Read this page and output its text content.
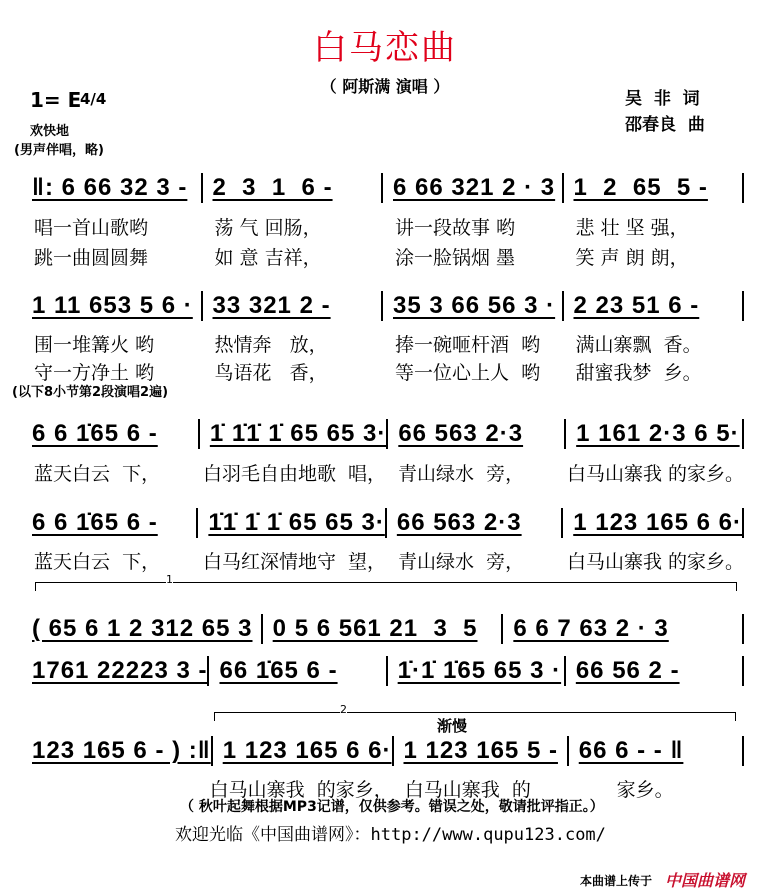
白马恋曲
（ 阿斯满 演唱 ）
1= E
4/4
欢快地
(男声伴唱，略)
吴  非  词
邵春良  曲
‖: 6 66 32 3 -	2  3  1  6 -	6 66 321 2 · 3 1  2  65  5 -
唱一首山歌哟	荡 气 回肠，	讲一段故事 哟	悲 壮 坚 强，
跳一曲圆圆舞	如 意 吉祥，	涂一脸锅烟 墨	笑 声 朗 朗，
1 11 653 5 6 · 33 321 2 -	35 3 66 56 3 · 2 23 51 6 -
围一堆篝火 哟	热情奔   放，	捧一碗咂杆酒  哟	满山寨飘  香。
守一方净土 哟	鸟语花   香，	等一位心上人  哟	甜蜜我梦  乡。
6 6 1̇65 6 -	1̇ 1̇1̇ 1̇ 65 65 3· 66 563 2·3	1 161 2·3 6 5·
蓝天白云  下，	白羽毛自由地歌  唱， 青山绿水  旁，	白马山寨我 的家乡。
6 6 1̇65 6 -	1̇1̇ 1̇ 1̇ 65 65 3· 66 563 2·3	1 123 165 6 6·
蓝天白云  下，	白马红深情地守  望， 青山绿水  旁，	白马山寨我 的家乡。
( 65 6 1 2 312 65 3 0 5 6 561 21  3  5	6 6 7 63 2 · 3
1761 22223 3 - 66 1̇65 6 -	1̇·1̇ 1̇65 65 3 · 66 56 2 -
123 165 6 - ) :‖ 1 123 165 6 6· 1 123 165 5 - 66 6 - - ‖
白马山寨我  的家乡， 白马山寨我  的	家乡。
(以下8小节第2段演唱2遍)
1
2
渐慢
（ 秋叶起舞根据MP3记谱，仅供参考。错误之处，敬请批评指正。）
欢迎光临《中国曲谱网》：http://www.qupu123.com/
本曲谱上传于 中国曲谱网
